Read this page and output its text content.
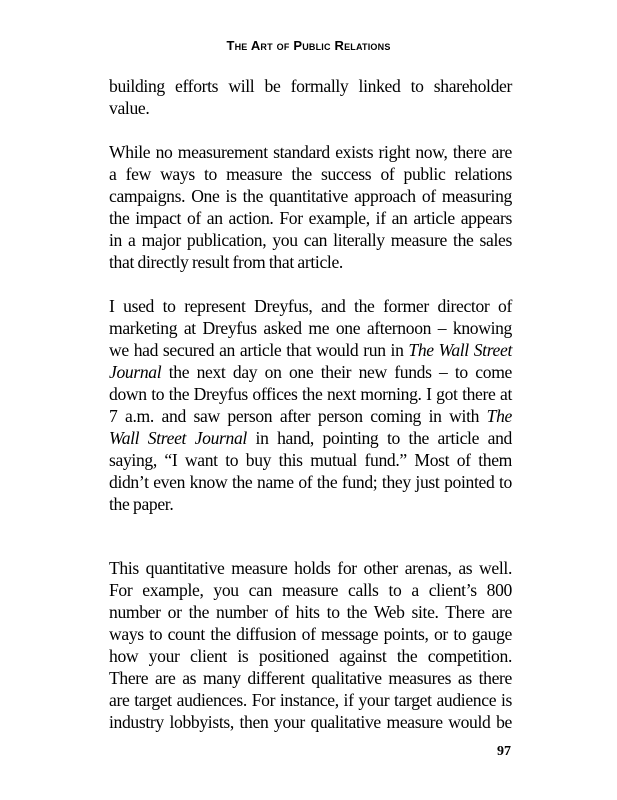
The Art of Public Relations

building efforts will be formally linked to shareholder
value.

While no measurement standard exists right now, there are
a few ways to measure the success of public relations
campaigns. One is the quantitative approach of measuring
the impact of an action. For example, if an article appears
in a major publication, you can literally measure the sales
that directly result from that article.

I used to represent Dreyfus, and the former director of
marketing at Dreyfus asked me one afternoon – knowing
we had secured an article that would run in The Wall Street
Journal the next day on one their new funds – to come
down to the Dreyfus offices the next morning. I got there at
7 a.m. and saw person after person coming in with The
Wall Street Journal in hand, pointing to the article and
saying, “I want to buy this mutual fund.” Most of them
didn’t even know the name of the fund; they just pointed to
the paper.

This quantitative measure holds for other arenas, as well.
For example, you can measure calls to a client’s 800
number or the number of hits to the Web site. There are
ways to count the diffusion of message points, or to gauge
how your client is positioned against the competition.
There are as many different qualitative measures as there
are target audiences. For instance, if your target audience is
industry lobbyists, then your qualitative measure would be

97
